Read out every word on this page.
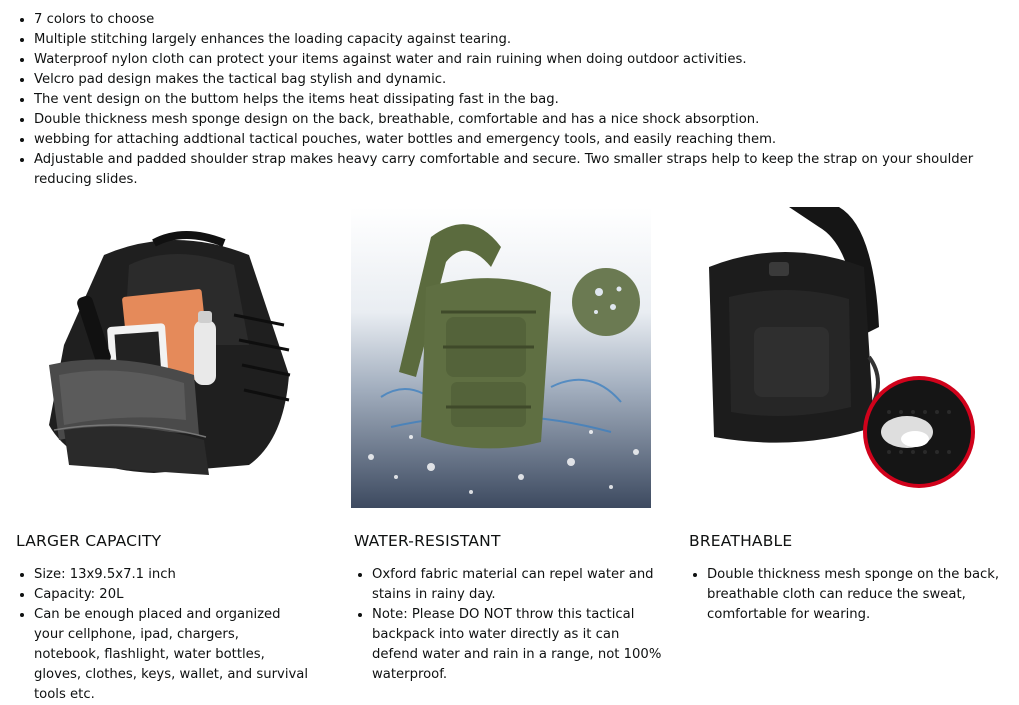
• 7 colors to choose
• Multiple stitching largely enhances the loading capacity against tearing.
• Waterproof nylon cloth can protect your items against water and rain ruining when doing outdoor activities.
• Velcro pad design makes the tactical bag stylish and dynamic.
• The vent design on the buttom helps the items heat dissipating fast in the bag.
• Double thickness mesh sponge design on the back, breathable, comfortable and has a nice shock absorption.
• webbing for attaching addtional tactical pouches, water bottles and emergency tools, and easily reaching them.
• Adjustable and padded shoulder strap makes heavy carry comfortable and secure. Two smaller straps help to keep the strap on your shoulder reducing slides.
LARGER CAPACITY
• Size: 13x9.5x7.1 inch
• Capacity: 20L
• Can be enough placed and organized your cellphone, ipad, chargers, notebook, flashlight, water bottles, gloves, clothes, keys, wallet, and survival tools etc.
WATER-RESISTANT
• Oxford fabric material can repel water and stains in rainy day.
• Note: Please DO NOT throw this tactical backpack into water directly as it can defend water and rain in a range, not 100% waterproof.
BREATHABLE
• Double thickness mesh sponge on the back, breathable cloth can reduce the sweat, comfortable for wearing.
